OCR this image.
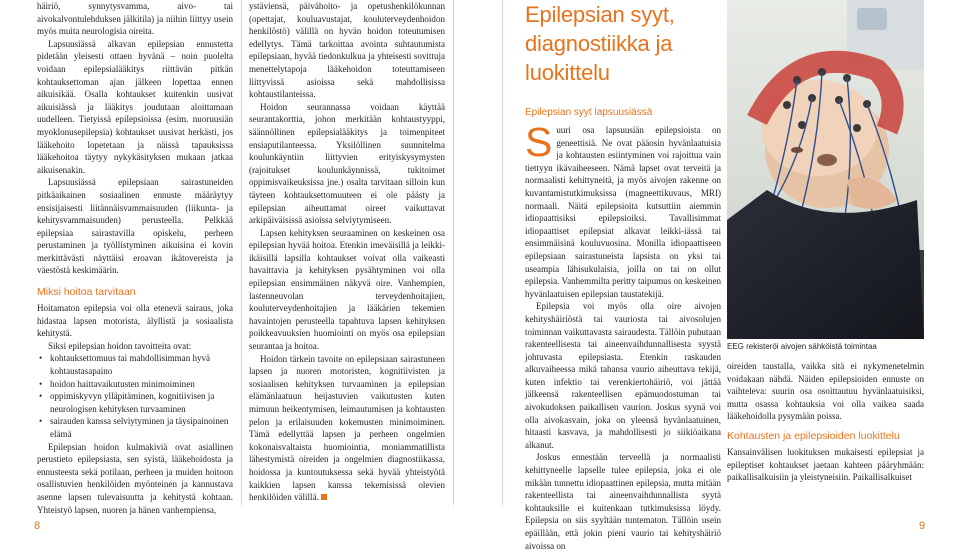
häiriö, synnytysvamma, aivo- tai aivokalvontulehduksen jälkitila) ja niihin liittyy usein myös muita neurologisia oireita.

Lapsuusiässä alkavan epilepsian ennustetta pidetään yleisesti ottaen hyvänä – noin puolelta voidaan epilepsialääkitys riittävän pitkän kohtauksettoman ajan jälkeen lopettaa ennen aikuisikää. Osalla kohtaukset kuitenkin uusivat aikuisiässä ja lääkitys joudutaan aloittamaan uudelleen. Tietyissä epilepsioissa (esim. nuoruusiän myoklonusepilepsia) kohtaukset uusivat herkästi, jos lääkehoito lopetetaan ja näissä tapauksissa lääkehoitoa täytyy nykykäsityksen mukaan jatkaa aikuisenakin.

Lapsuusiässä epilepsiaan sairastuneiden pitkäaikainen sosiaalinen ennuste määräytyy ensisijaisesti liitännäisvammaisuuden (liikunta- ja kehitysvammaisuuden) perusteella. Pelkkää epilepsiaa sairastavilla opiskelu, perheen perustaminen ja työllistyminen aikuisina ei kovin merkittävästi näyttäisi eroavan ikätovereista ja väestöstä keskimäärin.

Miksi hoitoa tarvitaan

Hoitamaton epilepsia voi olla etenevä sairaus, joka hidastaa lapsen motorista, älyllistä ja sosiaalista kehitystä.

Siksi epilepsian hoidon tavoitteita ovat:

• kohtauksettomuus tai mahdollisimman hyvä kohtaustasapaino
• hoidon haittavaikutusten minimoiminen
• oppimiskyvyn ylläpitäminen, kognitiivisen ja neurologisen kehityksen turvaaminen
• sairauden kanssa selviytyminen ja täysipainoinen elämä

Epilepsian hoidon kulmakiviä ovat asiallinen perustieto epilepsiasta, sen syistä, lääkehoidosta ja ennusteesta sekä potilaan, perheen ja muiden hoitoon osallistuvien henkilöiden myönteinen ja kannustava asenne lapsen tulevaisuutta ja kehitystä kohtaan. Yhteistyö lapsen, nuoren ja hänen vanhempiensa,

ystäviensä, päivähoito- ja opetushenkilökunnan (opettajat, kouluavustajat, kouluterveydenhoidon henkilöstö) välillä on hyvän hoidon toteutumisen edellytys. Tämä tarkoittaa avointa suhtautumista epilepsiaan, hyvää tiedonkulkua ja yhteisesti sovittuja menettelytapoja lääkehoidon toteuttamiseen liittyvissä asioissa sekä mahdollisissa kohtaustilanteissa.

Hoidon seurannassa voidaan käyttää seurantakorttia, johon merkitään kohtaustyyppi, säännöllinen epilepsialääkitys ja toimenpiteet ensiaputilanteessa. Yksilöllinen suunnitelma koulunkäyntiin liittyvien erityiskysymysten (rajoitukset koulunkäynnissä, tukitoimet oppimisvaikeuksissa jne.) osalta tarvitaan silloin kun täyteen kohtauksettomuuteen ei ole päästy ja epilepsian aiheuttamat oireet vaikuttavat arkipäiväisissä asioissa selviytymiseen.

Lapsen kehityksen seuraaminen on keskeinen osa epilepsian hyvää hoitoa. Etenkin imeväisillä ja leikki-ikäisillä lapsilla kohtaukset voivat olla vaikeasti havaittavia ja kehityksen pysähtyminen voi olla epilepsian ensimmäinen näkyvä oire. Vanhempien, lastenneuvolan terveydenhoitajien, kouluterveydenhoitajien ja lääkärien tekemien havaintojen perusteella tapahtuva lapsen kehityksen poikkeavuuksien huomiointi on myös osa epilepsian seurantaa ja hoitoa.

Hoidon tärkein tavoite on epilepsiaan sairastuneen lapsen ja nuoren motoristen, kognitiivisten ja sosiaalisen kehityksen turvaaminen ja epilepsian elämänlaatuun heijastuvien vaikutusten kuten mimuun heikentymisen, leimautumisen ja kohtausten pelon ja erilaisuuden kokemusten minimoiminen. Tämä edellyttää lapsen ja perheen ongelmien kokonaisvaltaista huomiointia, moniammatillista lähestymistä oireiden ja ongelmien diagnostiikassa, hoidossa ja kuntoutuksessa sekä hyvää yhteistyötä kaikkien lapsen kanssa tekemisissä olevien henkilöiden välillä.

Epilepsian syyt,
diagnostiikka ja luokittelu
Epilepsian syyt lapsuusiässä

Suuri osa lapsuusiän epilepsioista on geneettisiä. Ne ovat pääosin hyvänlaatuisia ja kohtausten esiintyminen voi rajoittua vain tiettyyn ikävaiheeseen. Nämä lapset ovat terveitä ja normaalisti kehittyneitä, ja myös aivojen rakenne on kuvantamistutkimuksissa (magneettikuvaus, MRI) normaali. Näitä epilepsioita kutsuttiin aiemmin idiopaattisiksi epilepsioiksi. Tavallisimmat idiopaattiset epilepsiat alkavat leikki-iässä tai ensimmäisinä kouluvuosina. Monilla idiopaattiseen epilepsiaan sairastuneista lapsista on yksi tai useampia lähisukulaisia, joilla on tai on ollut epilepsia. Vanhemmilta peritty taipumus on keskeinen hyvänlaatuisen epilepsian taustatekijä.

Epilepsia voi myös olla oire aivojen kehityshäiriöstä tai vauriosta tai aivosolujen toiminnan vaikuttavasta sairaudesta. Tällöin puhutaan rakenteellisesta tai aineenvaihdunnallisesta syystä johtuvasta epilepsiasta. Etenkin raskauden alkuvaiheessa mikä tahansa vaurio aiheuttava tekijä, kuten infektio tai verenkiertohäiriö, voi jättää jälkeensä rakenteellisen epämuodostuman tai aivokudoksen paikallisen vaurion. Joskus syynä voi olla aivokasvain, joka on yleensä hyvänlaatuinen, hitaasti kasvava, ja mahdollisesti jo siikiöaikana alkanut.

Joskus ennestään terveellä ja normaalisti kehittyneelle lapselle tulee epilepsia, joka ei ole mikään tunnettu idiopaattinen epilepsia, mutta mitään rakenteellista tai aineenvaihdunnallista syytä kohtauksille ei kuitenkaan tutkimuksissa löydy. Epilepsia on siis syyltään tuntematon. Tällöin usein epäillään, että jokin pieni vaurio tai kehityshäiriö aivoissa on

EEG rekisteröi aivojen sähköistä toimintaa

oireiden taustalla, vaikka sitä ei nykymenetelmin voidakaan nähdä. Näiden epilepsioiden ennuste on vaihteleva: suurin osa osoittautuu hyvänlaatuisiksi, mutta osassa kohtauksia voi olla vaikea saada lääkehoidolla pysymään poissa.

Kohtausten ja epilepsioiden luokittelu

Kansainvälisen luokituksen mukaisesti epilepsiat ja epileptiset kohtaukset jaetaan kahteen pääryhmään: paikallisalkuisiin ja yleistyneisiin. Paikallisalkuiset

8	9
